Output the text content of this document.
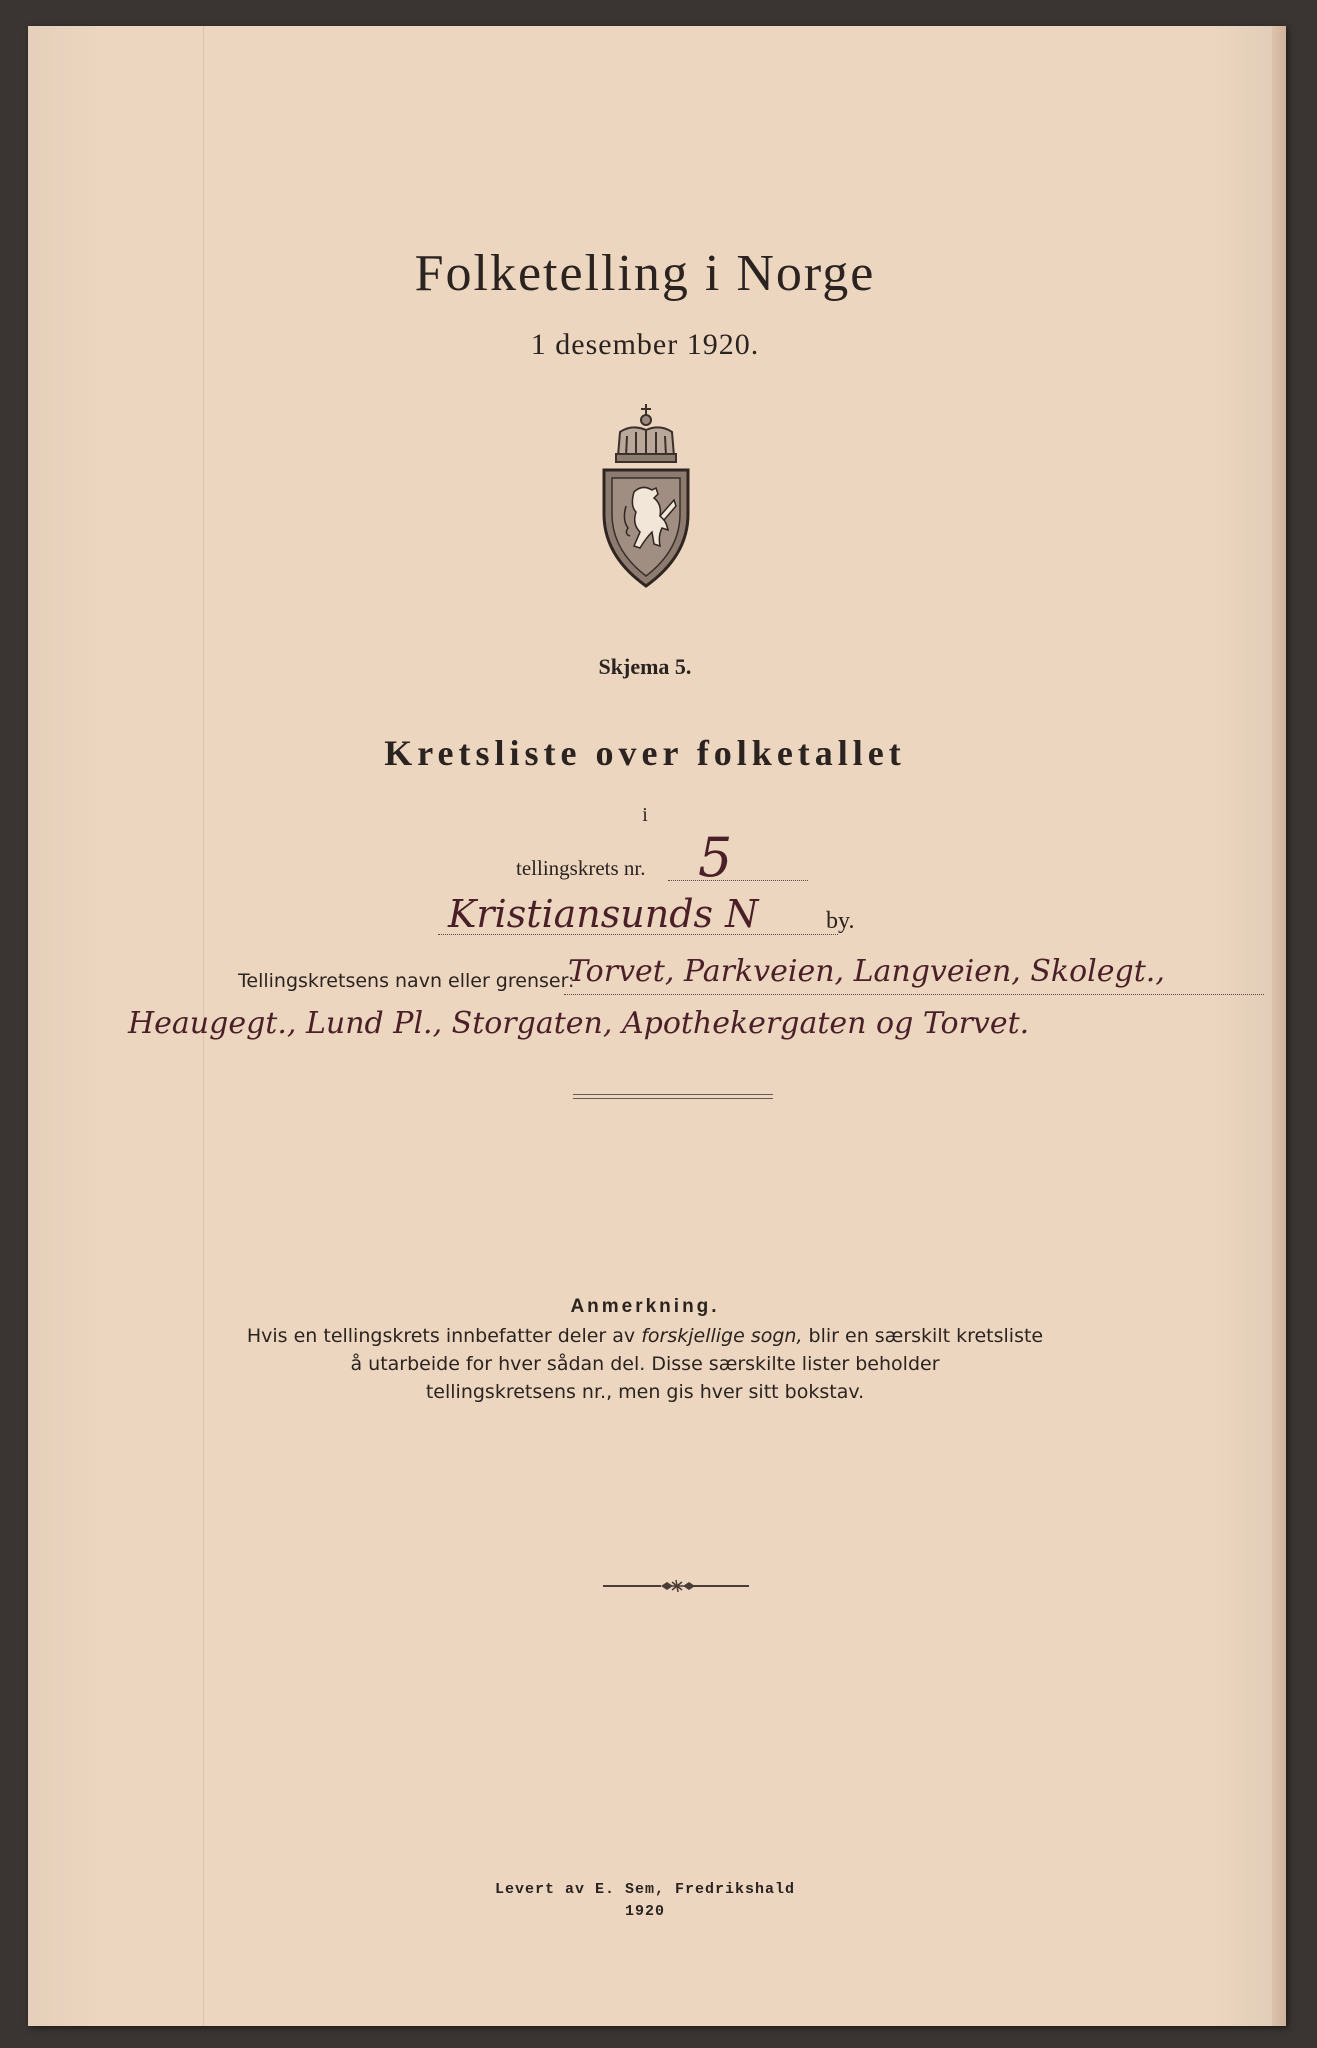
Folketelling i Norge
1 desember 1920.
Skjema 5.
Kretsliste over folketallet
i
tellingskrets nr. 5
Kristiansunds N	by.
Tellingskretsens navn eller grenser:
Torvet, Parkveien, Langveien, Skolegt.,
Heaugegt., Lund Pl., Storgaten, Apothekergaten og Torvet.
Anmerkning.
Hvis en tellingskrets innbefatter deler av forskjellige sogn, blir en særskilt kretsliste
å utarbeide for hver sådan del. Disse særskilte lister beholder
tellingskretsens nr., men gis hver sitt bokstav.
Levert av E. Sem, Fredrikshald
1920
